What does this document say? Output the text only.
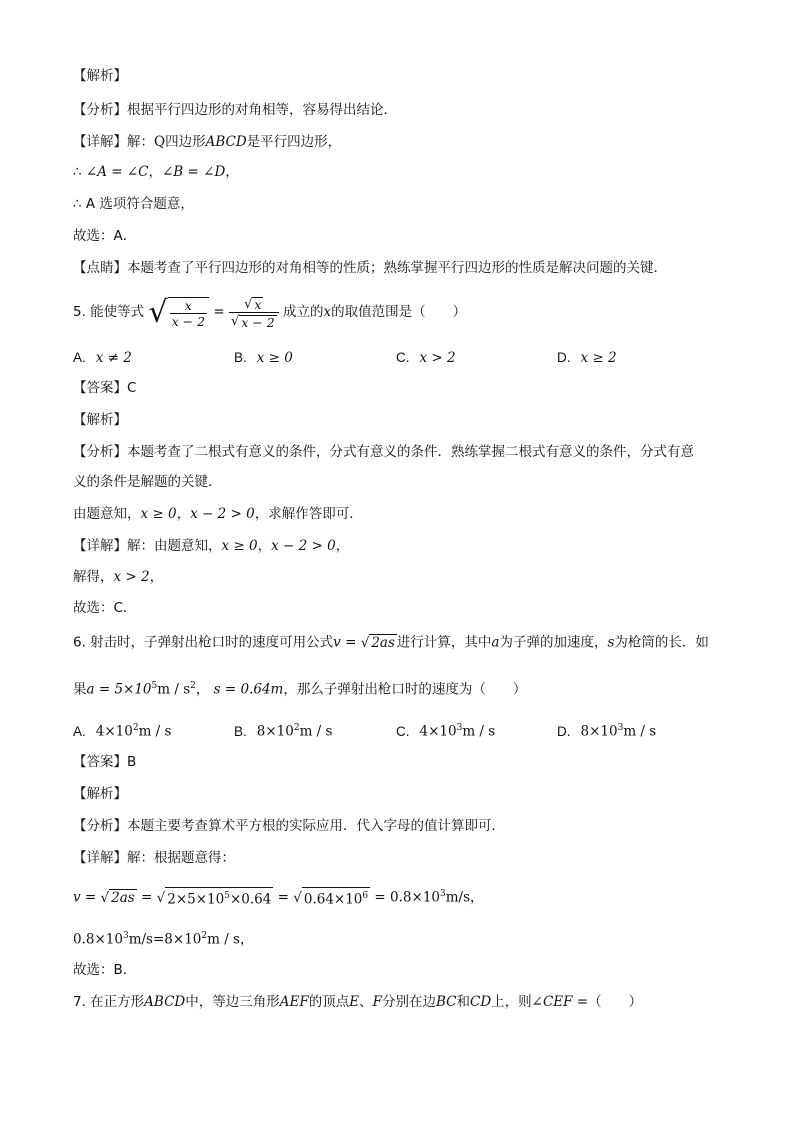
【解析】
【分析】根据平行四边形的对角相等，容易得出结论．
【详解】解：Q四边形ABCD是平行四边形，
∴ ∠A = ∠C，∠B = ∠D，
∴ A 选项符合题意，
故选：A．
【点睛】本题考查了平行四边形的对角相等的性质；熟练掌握平行四边形的性质是解决问题的关键．
5. 能使等式 √ $\frac{x}{x - 2} = \frac{√ x}{√ x - 2}$ 成立的x的取值范围是（　　）
A. x ≠ 2	B. x ≥ 0	C. x > 2	D. x ≥ 2
【答案】C
【解析】
【分析】本题考查了二根式有意义的条件，分式有意义的条件．熟练掌握二根式有意义的条件，分式有意
义的条件是解题的关键．
由题意知，x ≥ 0，x − 2 > 0，求解作答即可．
【详解】解：由题意知，x ≥ 0，x − 2 > 0，
解得，x > 2，
故选：C．
6. 射击时，子弹射出枪口时的速度可用公式v = √ 2as 进行计算，其中a为子弹的加速度，s为枪筒的长．如
果$a = 5\times 10^5m / s^2$， s = 0.64m，那么子弹射出枪口时的速度为（　　）
A. $4\times 10^2m / s$	B. $8\times 10^2m / s$	C. $4\times 10^3m / s$	D. $8\times 10^3m / s$
【答案】B
【解析】
【分析】本题主要考查算术平方根的实际应用．代入字母的值计算即可．
【详解】解：根据题意得：
v = √ 2as = √ $2\times 5\times 10^5\times 0.64$ = √ $0.64\times 10^6 = 0.8\times 10^3m/s$，
$0.8\times 10^3m/s=8\times 10^2m / s$，
故选：B．
7. 在正方形ABCD中，等边三角形AEF的顶点E、F分别在边BC和CD上，则∠CEF =（　　）
